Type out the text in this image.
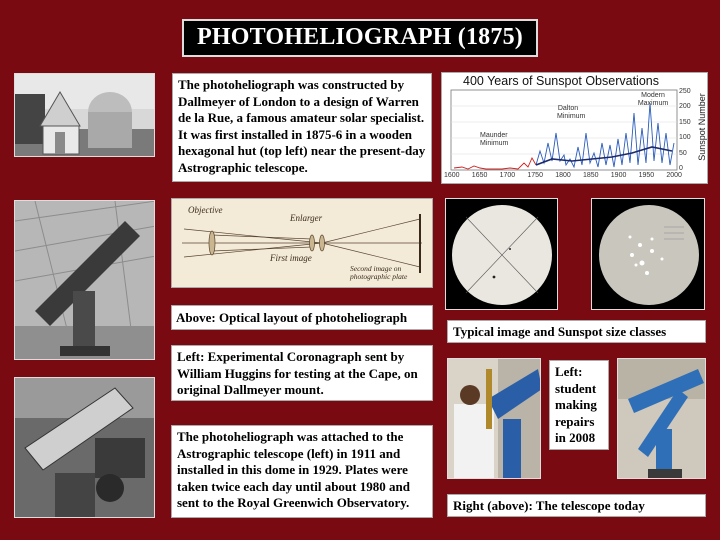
PHOTOHELIOGRAPH (1875)
The photoheliograph was constructed by Dallmeyer of London to a design of Warren de la Rue, a famous amateur solar specialist. It was first installed in 1875-6 in a wooden hexagonal hut (top left) near the present-day Astrographic telescope.
400 Years of Sunspot Observations
Maunder Minimum
Dalton Minimum
Modern Maximum
250
200
150
100
50
0
Sunspot Number
1600 1650 1700 1750 1800 1850 1900 1950 2000
Objective
Enlarger
First image
Second image on photographic plate
Above: Optical layout of photoheliograph
Typical image and Sunspot size classes
Left: Experimental Coronagraph sent by William Huggins for testing at the Cape, on original Dallmeyer mount.
The photoheliograph was attached to the Astrographic telescope (left) in 1911 and installed in this dome in 1929. Plates were taken twice each day until about 1980 and sent to the Royal Greenwich Observatory.
Left: student making repairs in 2008
Right (above): The telescope today
